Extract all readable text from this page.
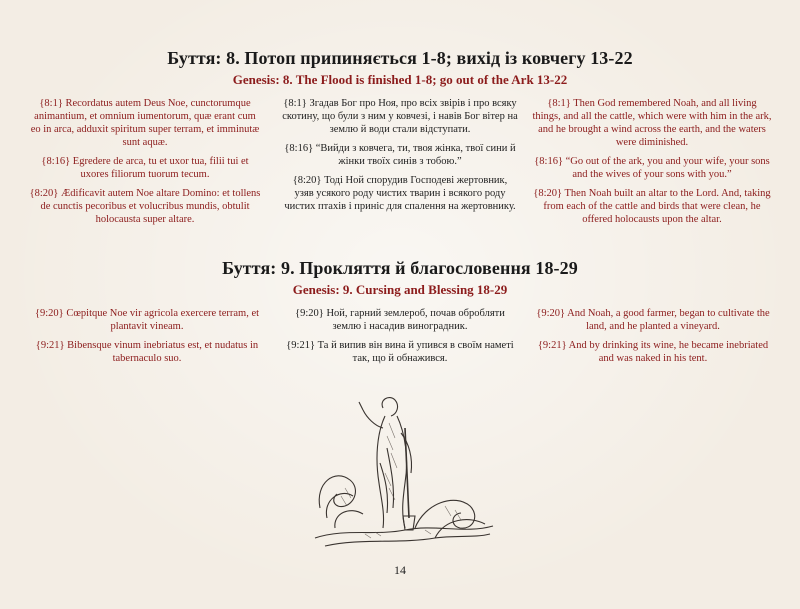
Буття: 8. Потоп припиняється 1-8; вихід із ковчегу 13-22
Genesis: 8. The Flood is finished 1-8; go out of the Ark 13-22

{8:1} Recordatus autem Deus Noe, cunctorumque animantium, et omnium iumentorum, quæ erant cum eo in arca, adduxit spiritum super terram, et imminutæ sunt aquæ.

{8:16} Egredere de arca, tu et uxor tua, filii tui et uxores filiorum tuorum tecum.

{8:20} Ædificavit autem Noe altare Domino: et tollens de cunctis pecoribus et volucribus mundis, obtulit holocausta super altare.

{8:1} Згадав Бог про Ноя, про всіх звірів і про всяку скотину, що були з ним у ковчезі, і навів Бог вітер на землю й води стали відступати.

{8:16} “Вийди з ковчега, ти, твоя жінка, твої сини й жінки твоїх синів з тобою.”

{8:20} Тоді Ной спорудив Господеві жертовник, узяв усякого роду чистих тварин і всякого роду чистих птахів і приніс для спалення на жертовнику.

{8:1} Then God remembered Noah, and all living things, and all the cattle, which were with him in the ark, and he brought a wind across the earth, and the waters were diminished.

{8:16} “Go out of the ark, you and your wife, your sons and the wives of your sons with you.”

{8:20} Then Noah built an altar to the Lord. And, taking from each of the cattle and birds that were clean, he offered holocausts upon the altar.

Буття: 9. Прокляття й благословення 18-29
Genesis: 9. Cursing and Blessing 18-29

{9:20} Cœpitque Noe vir agricola exercere terram, et plantavit vineam.

{9:21} Bibensque vinum inebriatus est, et nudatus in tabernaculo suo.

{9:20} Ной, гарний землероб, почав обробляти землю і насадив виноградник.

{9:21} Та й випив він вина й упився в своїм наметі так, що й обнажився.

{9:20} And Noah, a good farmer, began to cultivate the land, and he planted a vineyard.

{9:21} And by drinking its wine, he became inebriated and was naked in his tent.

14
